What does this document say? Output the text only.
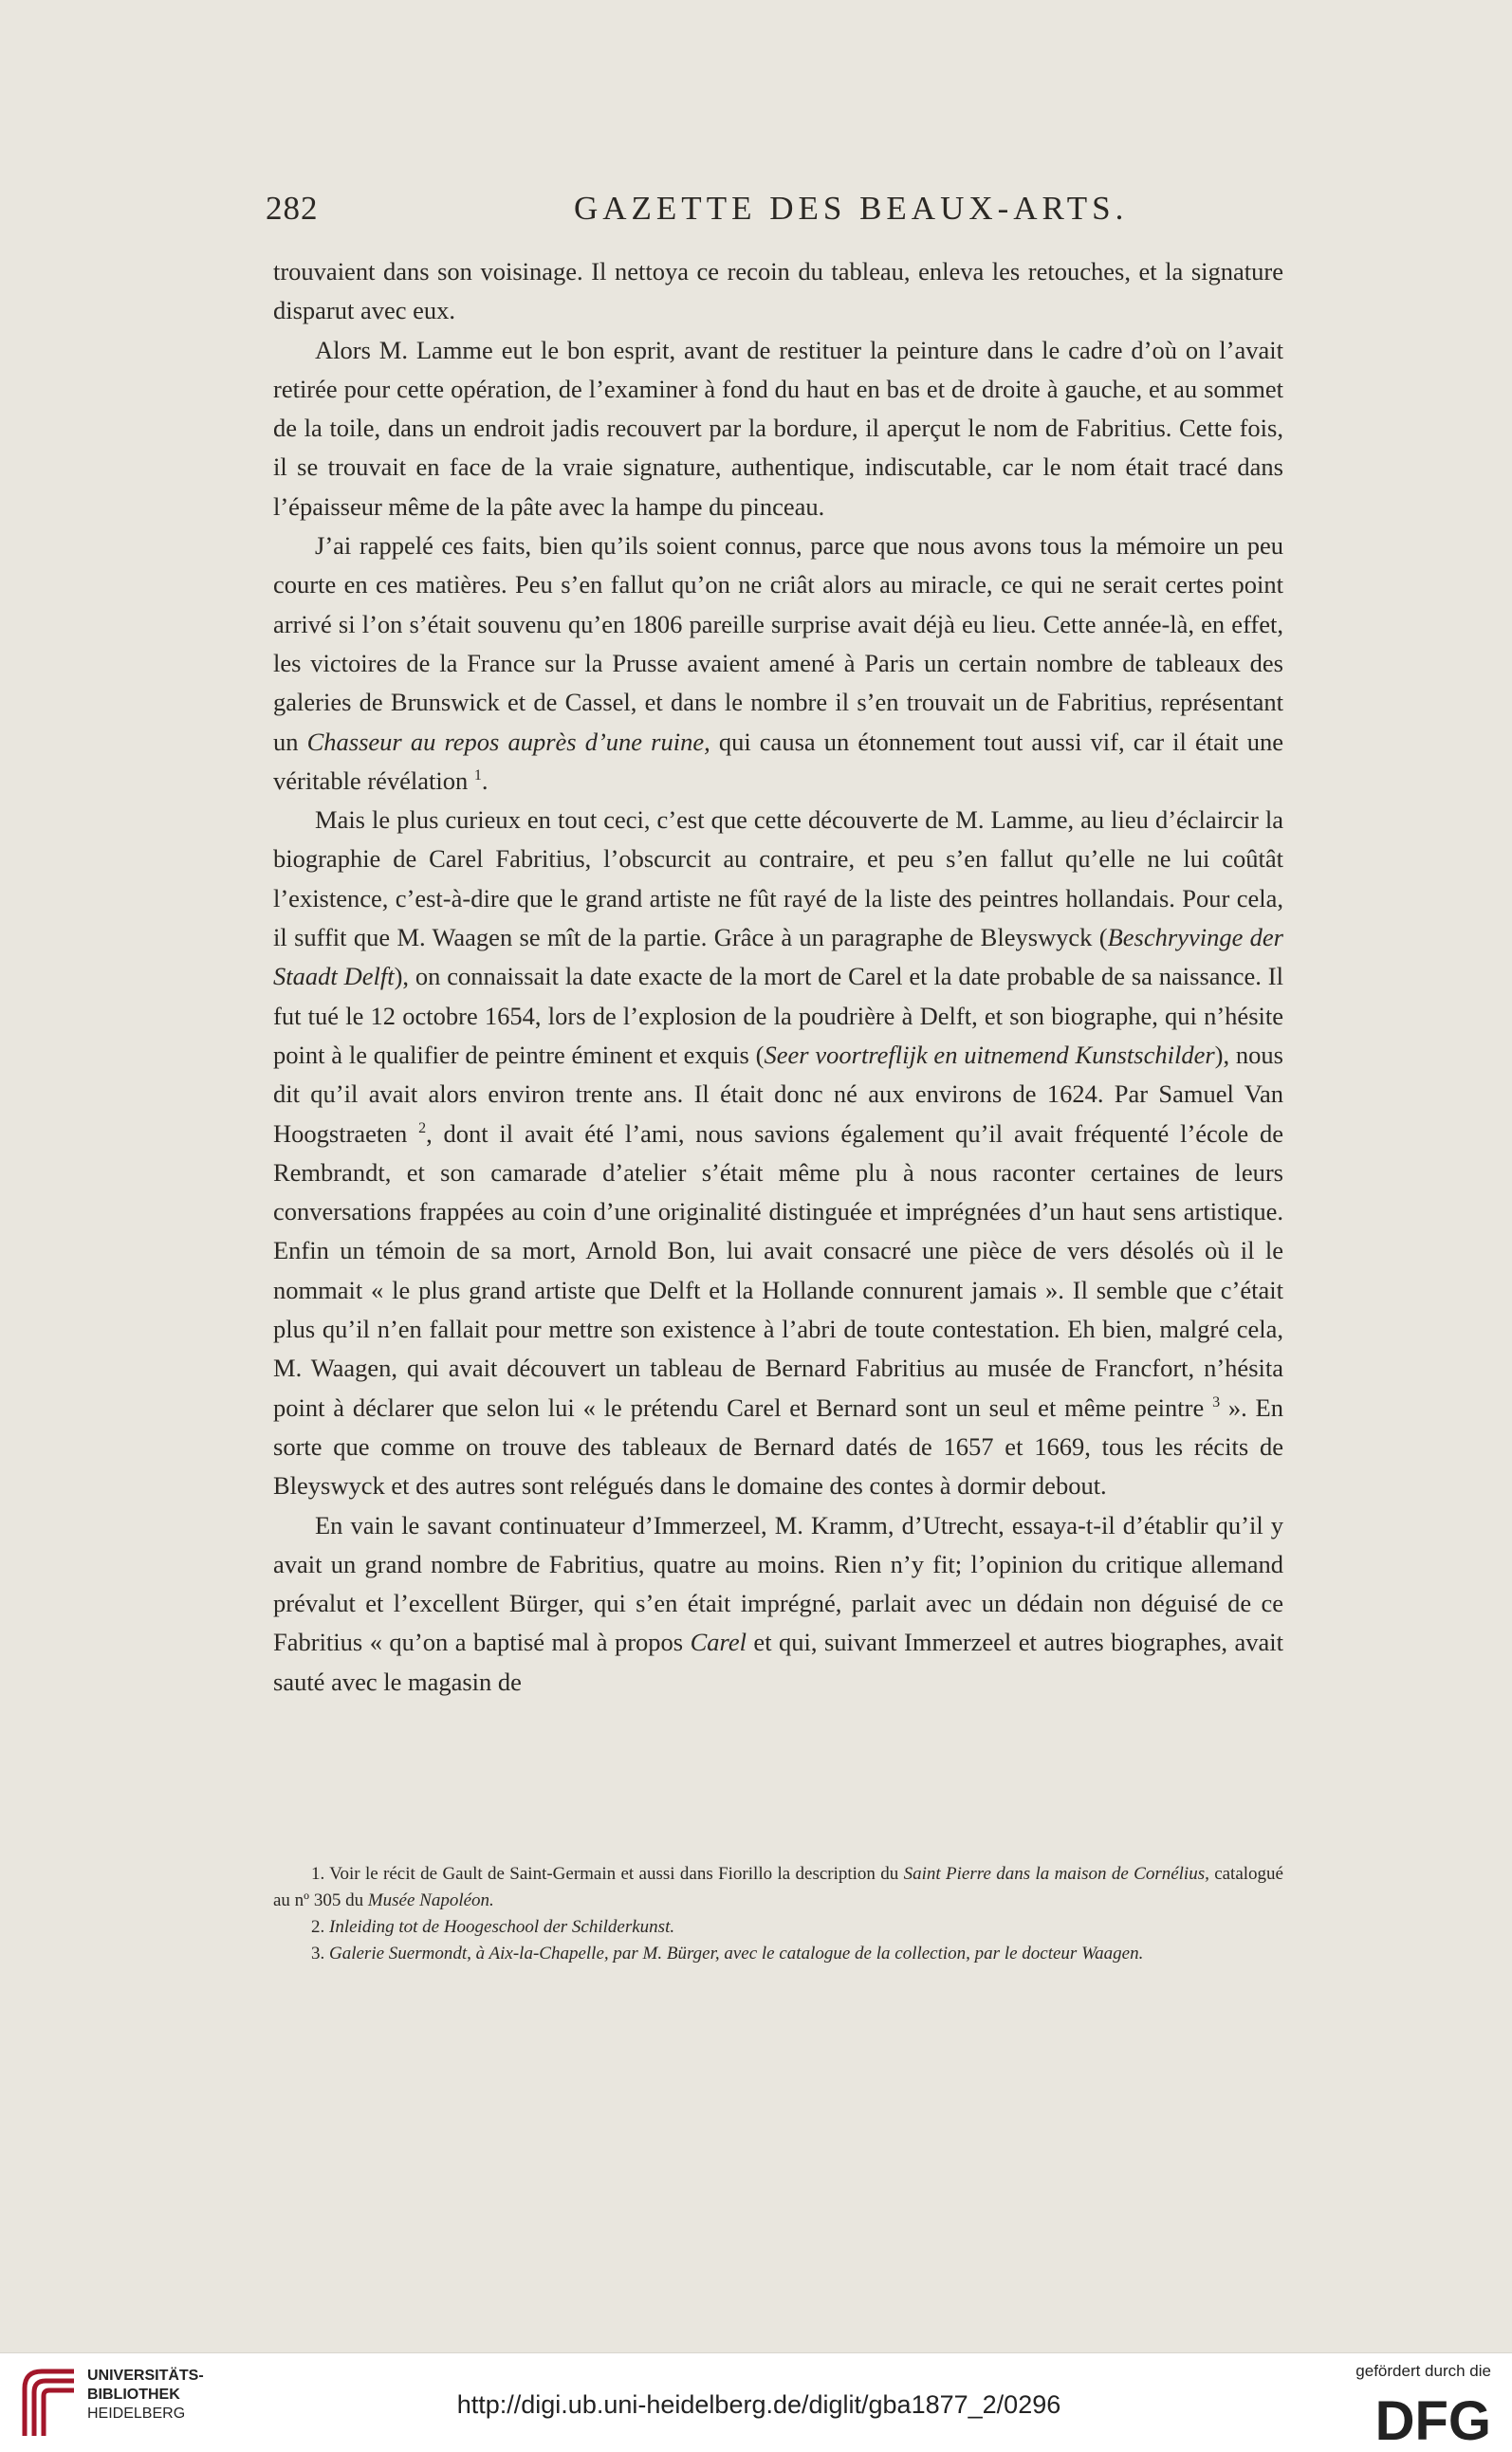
282	GAZETTE DES BEAUX-ARTS.

trouvaient dans son voisinage. Il nettoya ce recoin du tableau, enleva les retouches, et la signature disparut avec eux.

Alors M. Lamme eut le bon esprit, avant de restituer la peinture dans le cadre d’où on l’avait retirée pour cette opération, de l’examiner à fond du haut en bas et de droite à gauche, et au sommet de la toile, dans un endroit jadis recouvert par la bordure, il aperçut le nom de Fabritius. Cette fois, il se trouvait en face de la vraie signature, authentique, indiscutable, car le nom était tracé dans l’épaisseur même de la pâte avec la hampe du pinceau.

J’ai rappelé ces faits, bien qu’ils soient connus, parce que nous avons tous la mémoire un peu courte en ces matières. Peu s’en fallut qu’on ne criât alors au miracle, ce qui ne serait certes point arrivé si l’on s’était souvenu qu’en 1806 pareille surprise avait déjà eu lieu. Cette année-là, en effet, les victoires de la France sur la Prusse avaient amené à Paris un certain nombre de tableaux des galeries de Brunswick et de Cassel, et dans le nombre il s’en trouvait un de Fabritius, représentant un Chasseur au repos auprès d’une ruine, qui causa un étonnement tout aussi vif, car il était une véritable révélation $^1$.

Mais le plus curieux en tout ceci, c’est que cette découverte de M. Lamme, au lieu d’éclaircir la biographie de Carel Fabritius, l’obscurcit au contraire, et peu s’en fallut qu’elle ne lui coûtât l’existence, c’est-à-dire que le grand artiste ne fût rayé de la liste des peintres hollandais. Pour cela, il suffit que M. Waagen se mît de la partie. Grâce à un paragraphe de Bleyswyck (Beschryvinge der Staadt Delft), on connaissait la date exacte de la mort de Carel et la date probable de sa naissance. Il fut tué le 12 octobre 1654, lors de l’explosion de la poudrière à Delft, et son biographe, qui n’hésite point à le qualifier de peintre éminent et exquis (Seer voortreflijk en uitnemend Kunstschilder), nous dit qu’il avait alors environ trente ans. Il était donc né aux environs de 1624. Par Samuel Van Hoogstraeten $^2$, dont il avait été l’ami, nous savions également qu’il avait fréquenté l’école de Rembrandt, et son camarade d’atelier s’était même plu à nous raconter certaines de leurs conversations frappées au coin d’une originalité distinguée et imprégnées d’un haut sens artistique. Enfin un témoin de sa mort, Arnold Bon, lui avait consacré une pièce de vers désolés où il le nommait « le plus grand artiste que Delft et la Hollande connurent jamais ». Il semble que c’était plus qu’il n’en fallait pour mettre son existence à l’abri de toute contestation. Eh bien, malgré cela, M. Waagen, qui avait découvert un tableau de Bernard Fabritius au musée de Francfort, n’hésita point à déclarer que selon lui « le prétendu Carel et Bernard sont un seul et même peintre $^3$ ». En sorte que comme on trouve des tableaux de Bernard datés de 1657 et 1669, tous les récits de Bleyswyck et des autres sont relégués dans le domaine des contes à dormir debout.

En vain le savant continuateur d’Immerzeel, M. Kramm, d’Utrecht, essaya-t-il d’établir qu’il y avait un grand nombre de Fabritius, quatre au moins. Rien n’y fit; l’opinion du critique allemand prévalut et l’excellent Bürger, qui s’en était imprégné, parlait avec un dédain non déguisé de ce Fabritius « qu’on a baptisé mal à propos Carel et qui, suivant Immerzeel et autres biographes, avait sauté avec le magasin de

1. Voir le récit de Gault de Saint-Germain et aussi dans Fiorillo la description du Saint Pierre dans la maison de Cornélius, catalogué au nº 305 du Musée Napoléon.

2. Inleiding tot de Hoogeschool der Schilderkunst.

3. Galerie Suermondt, à Aix-la-Chapelle, par M. Bürger, avec le catalogue de la collection, par le docteur Waagen.

UNIVERSITÄTS-
BIBLIOTHEK
HEIDELBERG	http://digi.ub.uni-heidelberg.de/diglit/gba1877_2/0296
gefördert durch die
DFG
